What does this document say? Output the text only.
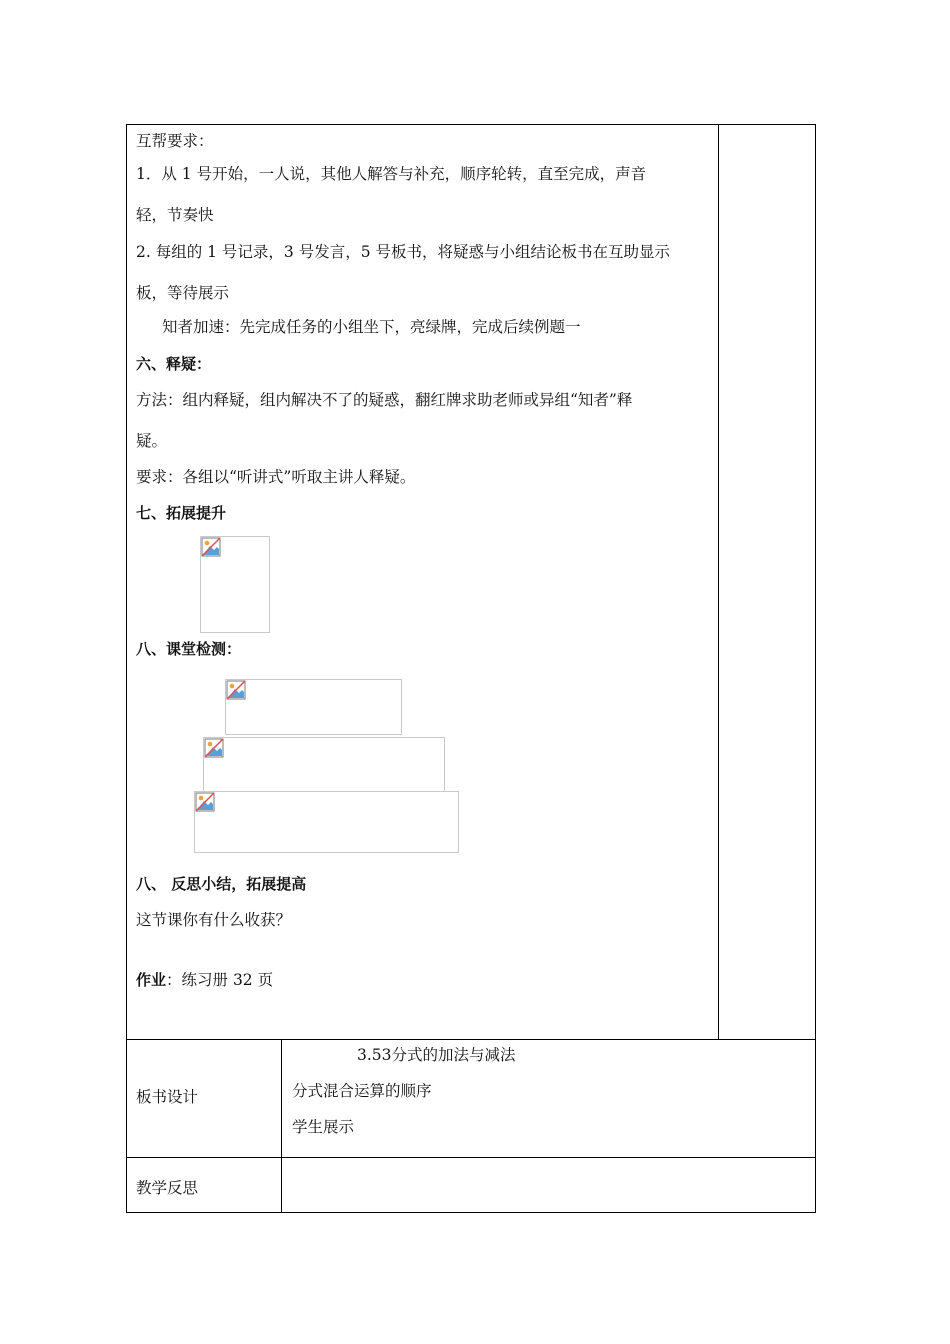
互帮要求：
1．从 1 号开始，一人说，其他人解答与补充，顺序轮转，直至完成，声音
轻，节奏快
2. 每组的 1 号记录，3 号发言，5 号板书，将疑惑与小组结论板书在互助显示
板，等待展示
知者加速：先完成任务的小组坐下，亮绿牌，完成后续例题一
六、释疑：
方法：组内释疑，组内解决不了的疑惑，翻红牌求助老师或异组“知者”释
疑。
要求：各组以“听讲式”听取主讲人释疑。
七、拓展提升
八、课堂检测：
八、 反思小结，拓展提高
这节课你有什么收获？
作业：练习册 32 页
板书设计
3.53分式的加法与减法
分式混合运算的顺序
学生展示
教学反思
